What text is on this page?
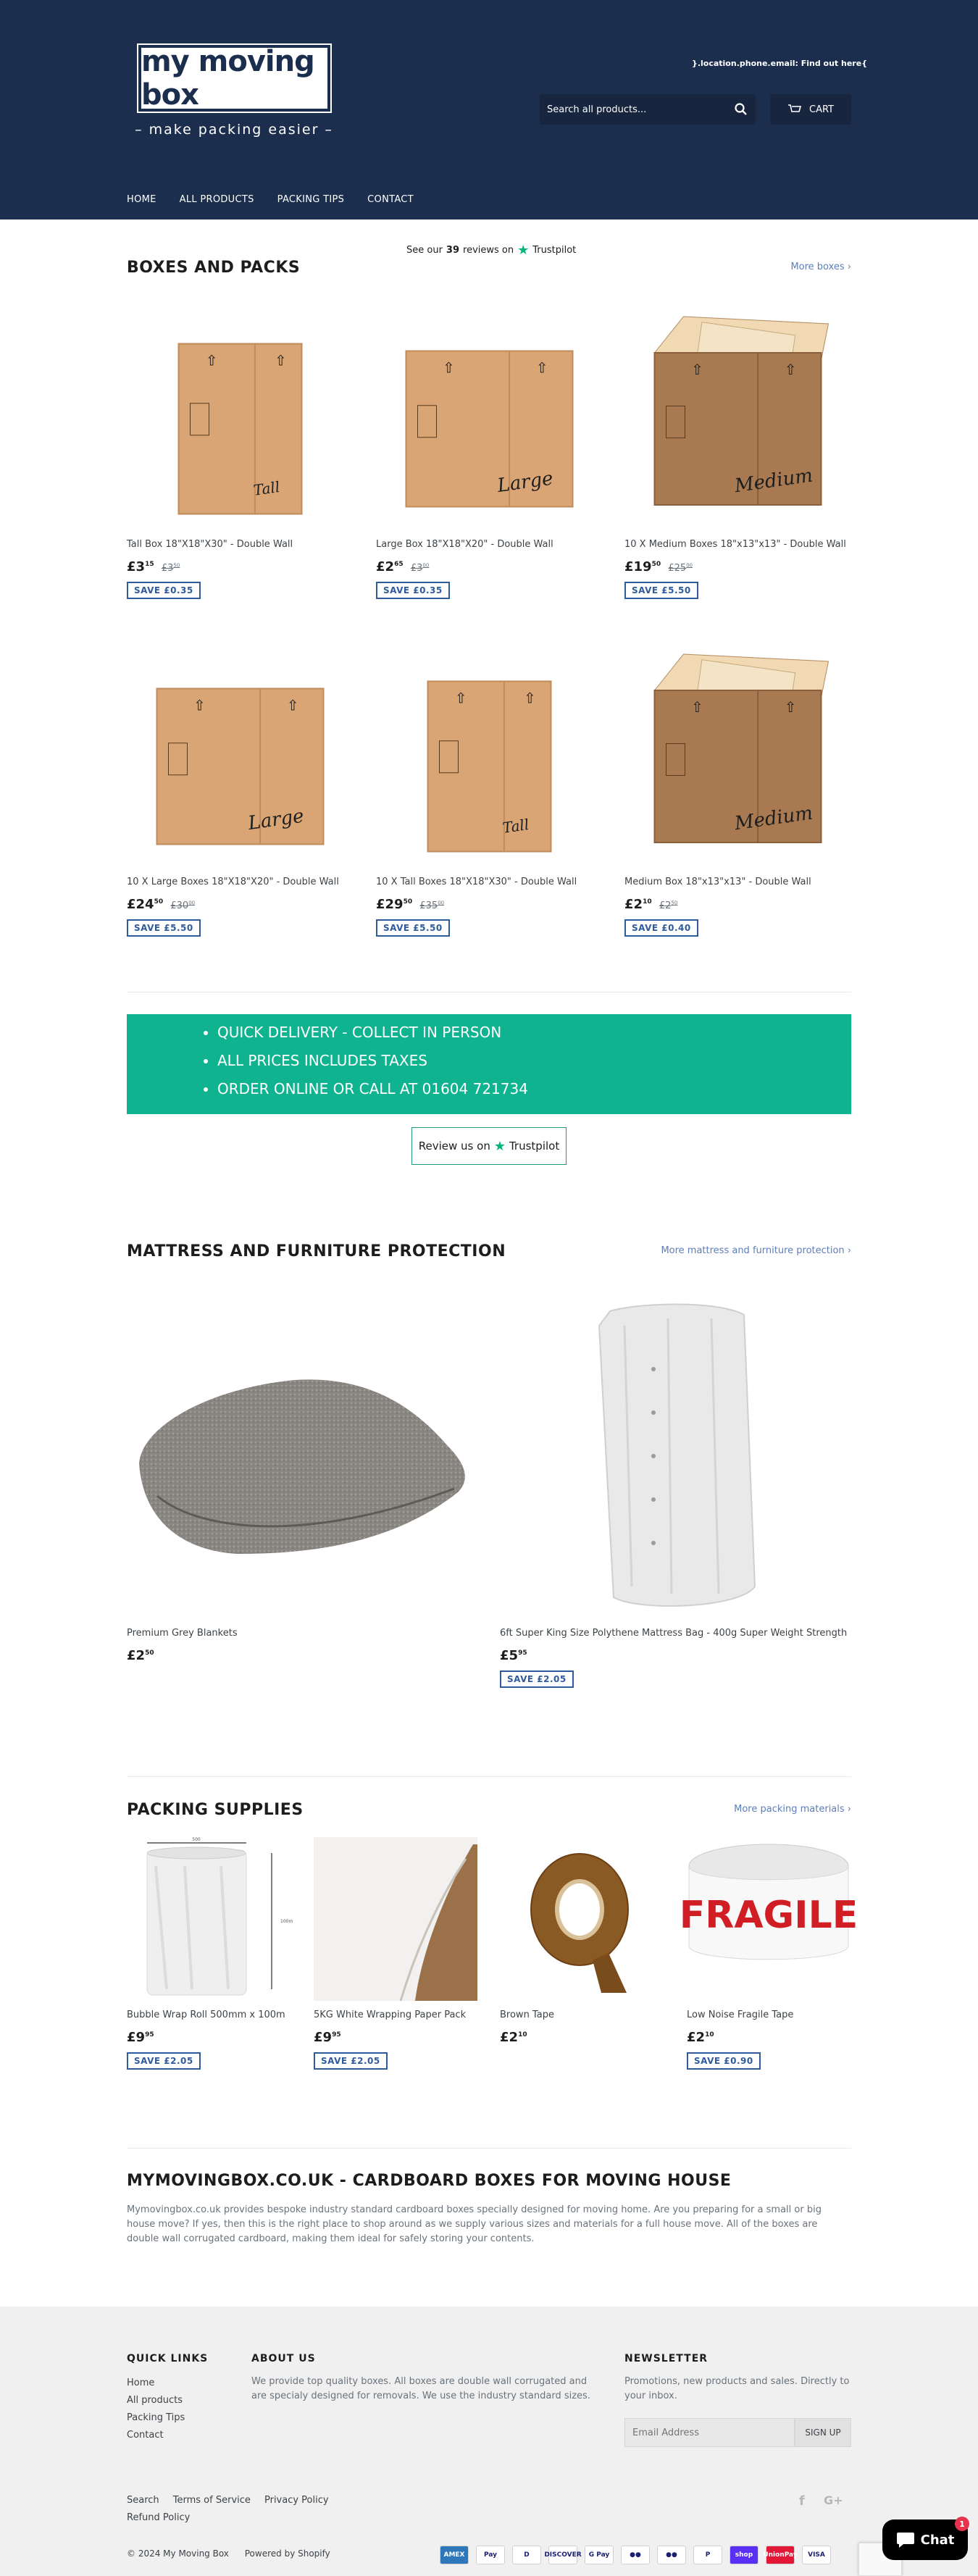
my moving box
– make packing easier –
}.location.phone.email: Find out here{
Search all products...
CART
HOME ALL PRODUCTS PACKING TIPS CONTACT
See our 39 reviews on ★ Trustpilot
BOXES AND PACKS	More boxes ›
⇧	⇧
Tall
Tall Box 18"X18"X30" - Double Wall
$£3^{15}$ $£3^{50}$
SAVE £0.35
⇧	⇧
Large
Large Box 18"X18"X20" - Double Wall
$£2^{65}$ $£3^{00}$
SAVE £0.35
⇧	⇧
Medium
10 X Medium Boxes 18"x13"x13" - Double Wall
$£19^{50}$ $£25^{00}$
SAVE £5.50
⇧	⇧
Large
10 X Large Boxes 18"X18"X20" - Double Wall
$£24^{50}$ $£30^{00}$
SAVE £5.50
⇧	⇧
Tall
10 X Tall Boxes 18"X18"X30" - Double Wall
$£29^{50}$ $£35^{00}$
SAVE £5.50
⇧	⇧
Medium
Medium Box 18"x13"x13" - Double Wall
$£2^{10}$ $£2^{50}$
SAVE £0.40
• QUICK DELIVERY - COLLECT IN PERSON
• ALL PRICES INCLUDES TAXES
• ORDER ONLINE OR CALL AT 01604 721734
Review us on ★ Trustpilot
MATTRESS AND FURNITURE PROTECTION	More mattress and furniture protection ›
Premium Grey Blankets
$£2^{50}$
6ft Super King Size Polythene Mattress Bag - 400g Super Weight Strength
$£5^{95}$
SAVE £2.05
PACKING SUPPLIES	More packing materials ›
500
100m
Bubble Wrap Roll 500mm x 100m
$£9^{95}$
SAVE £2.05
5KG White Wrapping Paper Pack
$£9^{95}$
SAVE £2.05
Brown Tape
$£2^{10}$
FRAGILE
Low Noise Fragile Tape
$£2^{10}$
SAVE £0.90
MYMOVINGBOX.CO.UK - CARDBOARD BOXES FOR MOVING HOUSE
Mymovingbox.co.uk provides bespoke industry standard cardboard boxes specially designed for moving home. Are you preparing for a small or big house move? If yes, then this is the right place to shop around as we supply various sizes and materials for a full house move. All of the boxes are double wall corrugated cardboard, making them ideal for safely storing your contents.
QUICK LINKS
Home
All products
Packing Tips
Contact
ABOUT US
We provide top quality boxes. All boxes are double wall corrugated and are specialy designed for removals. We use the industry standard sizes.
NEWSLETTER
Promotions, new products and sales. Directly to your inbox.
Email Address
SIGN UP
Search Terms of Service Privacy Policy
Refund Policy
f G+
© 2024 My Moving Box Powered by Shopify	AMEX	Pay	D	DISCOVER	G Pay	●●	●●	P	shop	UnionPay	VISA
Chat
1
